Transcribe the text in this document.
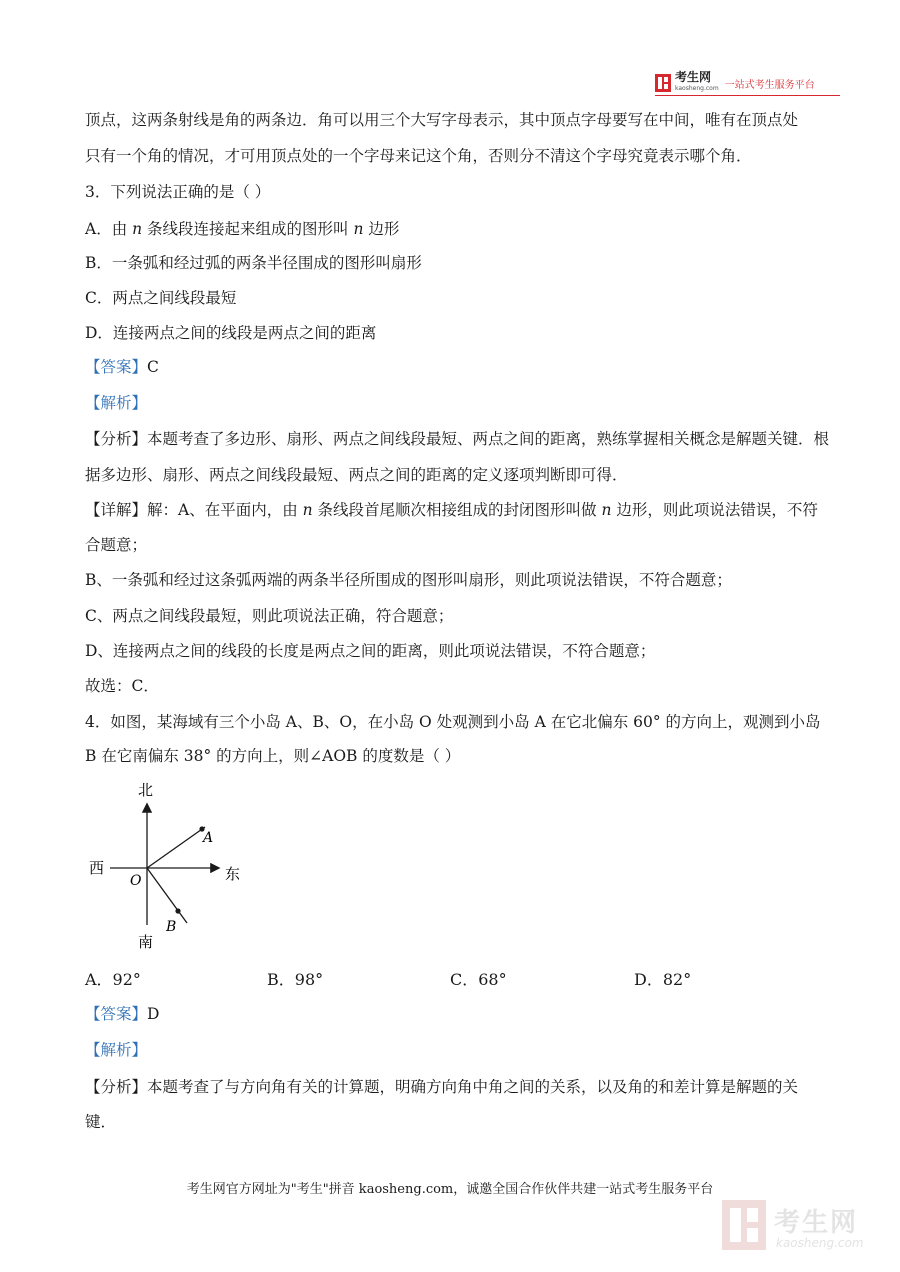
考生网
kaosheng.com 一站式考生服务平台
顶点，这两条射线是角的两条边．角可以用三个大写字母表示，其中顶点字母要写在中间，唯有在顶点处
只有一个角的情况，才可用顶点处的一个字母来记这个角，否则分不清这个字母究竟表示哪个角．
3．下列说法正确的是（ ）
A．由 n 条线段连接起来组成的图形叫 n 边形
B．一条弧和经过弧的两条半径围成的图形叫扇形
C．两点之间线段最短
D．连接两点之间的线段是两点之间的距离
【答案】C
【解析】
【分析】本题考查了多边形、扇形、两点之间线段最短、两点之间的距离，熟练掌握相关概念是解题关键．根
据多边形、扇形、两点之间线段最短、两点之间的距离的定义逐项判断即可得．
【详解】解：A、在平面内，由 n 条线段首尾顺次相接组成的封闭图形叫做 n 边形，则此项说法错误，不符
合题意；
B、一条弧和经过这条弧两端的两条半径所围成的图形叫扇形，则此项说法错误，不符合题意；
C、两点之间线段最短，则此项说法正确，符合题意；
D、连接两点之间的线段的长度是两点之间的距离，则此项说法错误，不符合题意；
故选：C．
4．如图，某海域有三个小岛 A、B、O，在小岛 O 处观测到小岛 A 在它北偏东 60° 的方向上，观测到小岛
B 在它南偏东 38° 的方向上，则∠AOB 的度数是（ ）
北
南
西	东
O
A
B
A．92°	B．98°	C．68°	D．82°
【答案】D
【解析】
【分析】本题考查了与方向角有关的计算题，明确方向角中角之间的关系，以及角的和差计算是解题的关
键．
考生网官方网址为"考生"拼音 kaosheng.com，诚邀全国合作伙伴共建一站式考生服务平台
考生网
kaosheng.com
